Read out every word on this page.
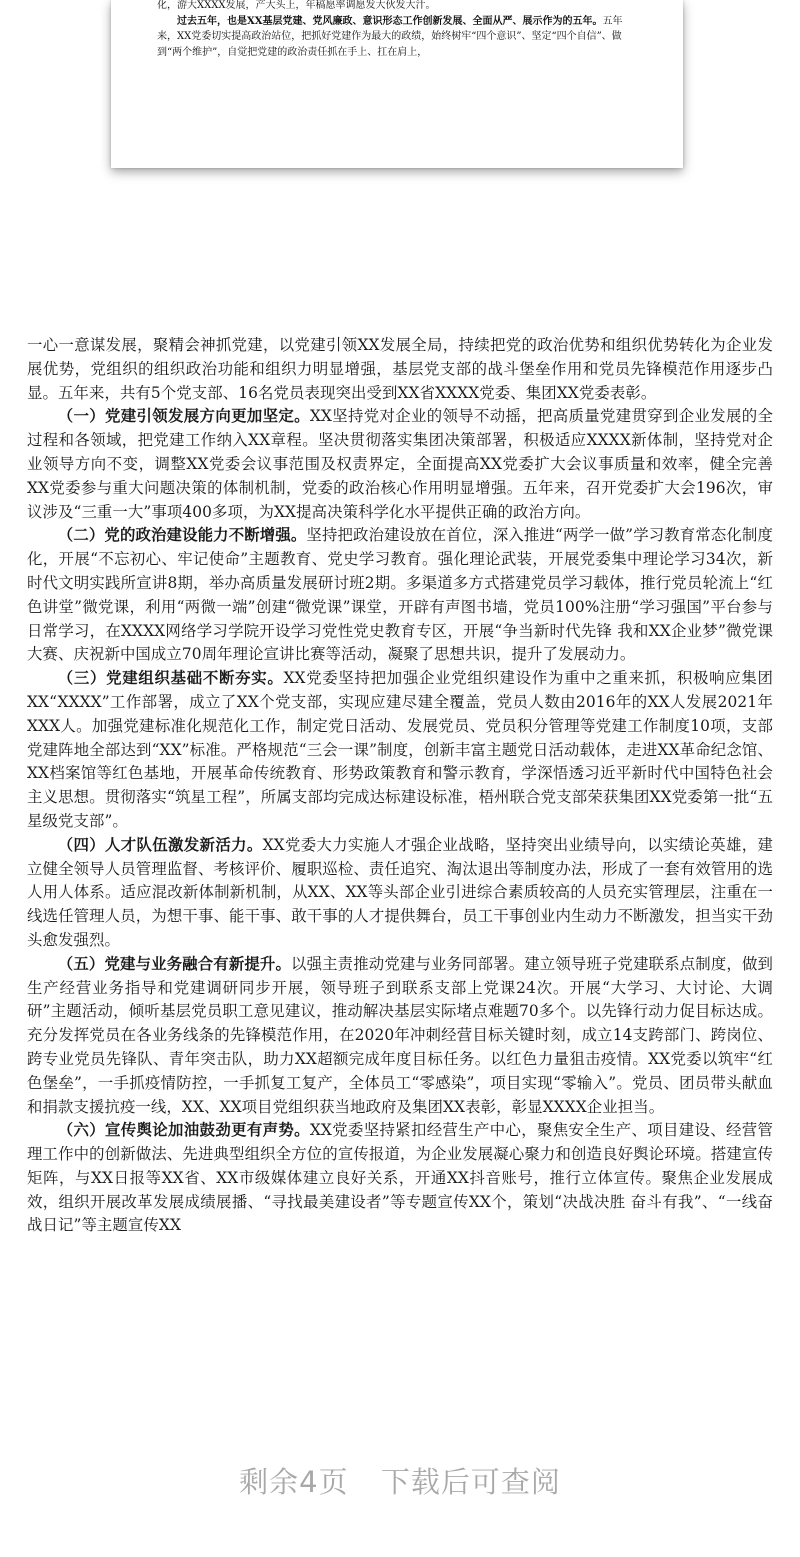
化，游大XXXX发展，产大头上，年稿愿率调愿发大伙发大汁。

过去五年，也是XX基层党建、党风廉政、意识形态工作创新发展、全面从严、展示作为的五年。五年来，XX党委切实提高政治站位，把抓好党建作为最大的政绩，始终树牢“四个意识”、坚定“四个自信”、做到“两个维护”，自觉把党建的政治责任抓在手上、扛在肩上，

一心一意谋发展，聚精会神抓党建，以党建引领XX发展全局，持续把党的政治优势和组织优势转化为企业发展优势，党组织的组织政治功能和组织力明显增强，基层党支部的战斗堡垒作用和党员先锋模范作用逐步凸显。五年来，共有5个党支部、16名党员表现突出受到XX省XXXX党委、集团XX党委表彰。

（一）党建引领发展方向更加坚定。XX坚持党对企业的领导不动摇，把高质量党建贯穿到企业发展的全过程和各领域，把党建工作纳入XX章程。坚决贯彻落实集团决策部署，积极适应XXXX新体制，坚持党对企业领导方向不变，调整XX党委会议事范围及权责界定，全面提高XX党委扩大会议事质量和效率，健全完善XX党委参与重大问题决策的体制机制，党委的政治核心作用明显增强。五年来，召开党委扩大会196次，审议涉及“三重一大”事项400多项，为XX提高决策科学化水平提供正确的政治方向。

（二）党的政治建设能力不断增强。坚持把政治建设放在首位，深入推进“两学一做”学习教育常态化制度化，开展“不忘初心、牢记使命”主题教育、党史学习教育。强化理论武装，开展党委集中理论学习34次，新时代文明实践所宣讲8期，举办高质量发展研讨班2期。多渠道多方式搭建党员学习载体，推行党员轮流上“红色讲堂”微党课，利用“两微一端”创建“微党课”课堂，开辟有声图书墙，党员100%注册“学习强国”平台参与日常学习，在XXXX网络学习学院开设学习党性党史教育专区，开展“争当新时代先锋 我和XX企业梦”微党课大赛、庆祝新中国成立70周年理论宣讲比赛等活动，凝聚了思想共识，提升了发展动力。

（三）党建组织基础不断夯实。XX党委坚持把加强企业党组织建设作为重中之重来抓，积极响应集团XX“XXXX”工作部署，成立了XX个党支部，实现应建尽建全覆盖，党员人数由2016年的XX人发展2021年XXX人。加强党建标准化规范化工作，制定党日活动、发展党员、党员积分管理等党建工作制度10项，支部党建阵地全部达到“XX”标准。严格规范“三会一课”制度，创新丰富主题党日活动载体，走进XX革命纪念馆、XX档案馆等红色基地，开展革命传统教育、形势政策教育和警示教育，学深悟透习近平新时代中国特色社会主义思想。贯彻落实“筑星工程”，所属支部均完成达标建设标准，梧州联合党支部荣获集团XX党委第一批“五星级党支部”。

（四）人才队伍激发新活力。XX党委大力实施人才强企业战略，坚持突出业绩导向，以实绩论英雄，建立健全领导人员管理监督、考核评价、履职巡检、责任追究、淘汰退出等制度办法，形成了一套有效管用的选人用人体系。适应混改新体制新机制，从XX、XX等头部企业引进综合素质较高的人员充实管理层，注重在一线选任管理人员，为想干事、能干事、敢干事的人才提供舞台，员工干事创业内生动力不断激发，担当实干劲头愈发强烈。

（五）党建与业务融合有新提升。以强主责推动党建与业务同部署。建立领导班子党建联系点制度，做到生产经营业务指导和党建调研同步开展，领导班子到联系支部上党课24次。开展“大学习、大讨论、大调研”主题活动，倾听基层党员职工意见建议，推动解决基层实际堵点难题70多个。以先锋行动力促目标达成。充分发挥党员在各业务线条的先锋模范作用，在2020年冲刺经营目标关键时刻，成立14支跨部门、跨岗位、跨专业党员先锋队、青年突击队，助力XX超额完成年度目标任务。以红色力量狙击疫情。XX党委以筑牢“红色堡垒”，一手抓疫情防控，一手抓复工复产，全体员工“零感染”，项目实现“零输入”。党员、团员带头献血和捐款支援抗疫一线，XX、XX项目党组织获当地政府及集团XX表彰，彰显XXXX企业担当。

（六）宣传舆论加油鼓劲更有声势。XX党委坚持紧扣经营生产中心，聚焦安全生产、项目建设、经营管理工作中的创新做法、先进典型组织全方位的宣传报道，为企业发展凝心聚力和创造良好舆论环境。搭建宣传矩阵，与XX日报等XX省、XX市级媒体建立良好关系，开通XX抖音账号，推行立体宣传。聚焦企业发展成效，组织开展改革发展成绩展播、“寻找最美建设者”等专题宣传XX个，策划“决战决胜 奋斗有我”、“一线奋战日记”等主题宣传XX

剩余4页 下载后可查阅
